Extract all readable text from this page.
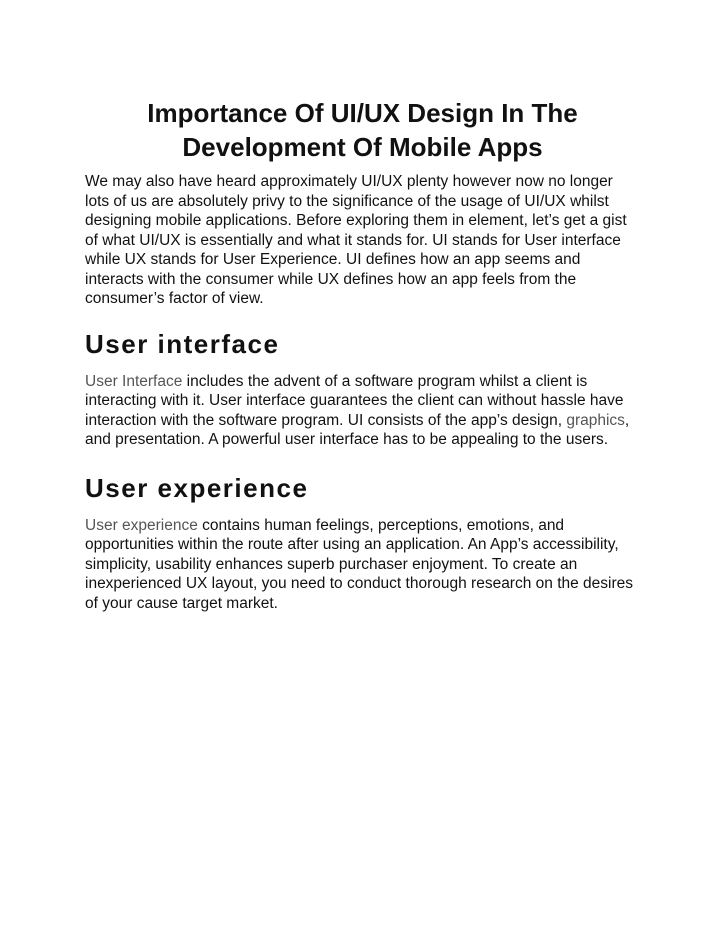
Importance Of UI/UX Design In The
Development Of Mobile Apps

We may also have heard approximately UI/UX plenty however now no longer lots of us are absolutely privy to the significance of the usage of UI/UX whilst designing mobile applications. Before exploring them in element, let’s get a gist of what UI/UX is essentially and what it stands for. UI stands for User interface while UX stands for User Experience. UI defines how an app seems and interacts with the consumer while UX defines how an app feels from the consumer’s factor of view.

User interface

User Interface includes the advent of a software program whilst a client is interacting with it. User interface guarantees the client can without hassle have interaction with the software program. UI consists of the app’s design, graphics, and presentation. A powerful user interface has to be appealing to the users.

User experience

User experience contains human feelings, perceptions, emotions, and opportunities within the route after using an application. An App’s accessibility, simplicity, usability enhances superb purchaser enjoyment. To create an inexperienced UX layout, you need to conduct thorough research on the desires of your cause target market.
